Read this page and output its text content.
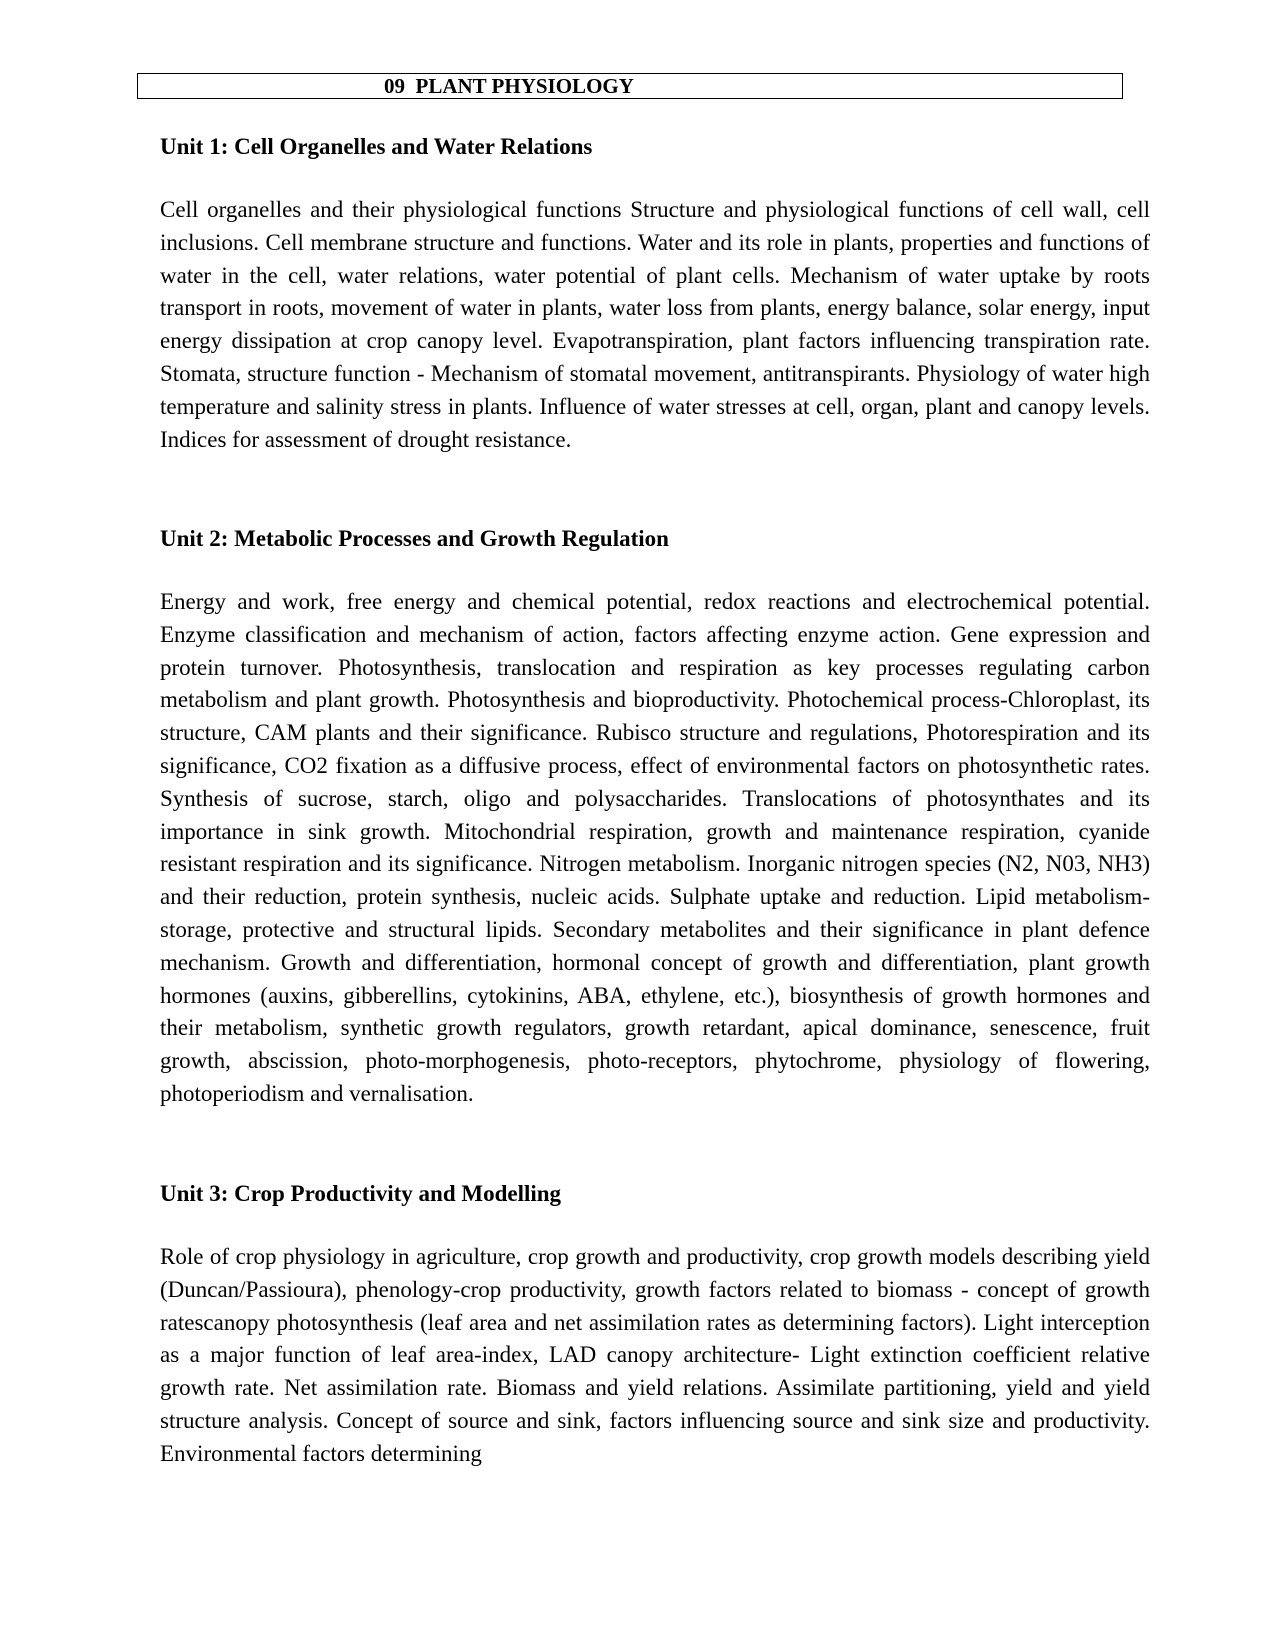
09  PLANT PHYSIOLOGY
Unit 1: Cell Organelles and Water Relations

Cell organelles and their physiological functions Structure and physiological functions of cell wall, cell inclusions. Cell membrane structure and functions. Water and its role in plants, properties and functions of water in the cell, water relations, water potential of plant cells. Mechanism of water uptake by roots transport in roots, movement of water in plants, water loss from plants, energy balance, solar energy, input energy dissipation at crop canopy level. Evapotranspiration, plant factors influencing transpiration rate. Stomata, structure function - Mechanism of stomatal movement, antitranspirants. Physiology of water high temperature and salinity stress in plants. Influence of water stresses at cell, organ, plant and canopy levels. Indices for assessment of drought resistance.

Unit 2: Metabolic Processes and Growth Regulation

Energy and work, free energy and chemical potential, redox reactions and electrochemical potential. Enzyme classification and mechanism of action, factors affecting enzyme action. Gene expression and protein turnover. Photosynthesis, translocation and respiration as key processes regulating carbon metabolism and plant growth. Photosynthesis and bioproductivity. Photochemical process-Chloroplast, its structure, CAM plants and their significance. Rubisco structure and regulations, Photorespiration and its significance, CO2 fixation as a diffusive process, effect of environmental factors on photosynthetic rates. Synthesis of sucrose, starch, oligo and polysaccharides. Translocations of photosynthates and its importance in sink growth. Mitochondrial respiration, growth and maintenance respiration, cyanide resistant respiration and its significance. Nitrogen metabolism. Inorganic nitrogen species (N2, N03, NH3) and their reduction, protein synthesis, nucleic acids. Sulphate uptake and reduction. Lipid metabolism-storage, protective and structural lipids. Secondary metabolites and their significance in plant defence mechanism. Growth and differentiation, hormonal concept of growth and differentiation, plant growth hormones (auxins, gibberellins, cytokinins, ABA, ethylene, etc.), biosynthesis of growth hormones and their metabolism, synthetic growth regulators, growth retardant, apical dominance, senescence, fruit growth, abscission, photo-morphogenesis, photo-receptors, phytochrome, physiology of flowering, photoperiodism and vernalisation.

Unit 3: Crop Productivity and Modelling

Role of crop physiology in agriculture, crop growth and productivity, crop growth models describing yield (Duncan/Passioura), phenology-crop productivity, growth factors related to biomass - concept of growth ratescanopy photosynthesis (leaf area and net assimilation rates as determining factors). Light interception as a major function of leaf area-index, LAD canopy architecture- Light extinction coefficient relative growth rate. Net assimilation rate. Biomass and yield relations. Assimilate partitioning, yield and yield structure analysis. Concept of source and sink, factors influencing source and sink size and productivity. Environmental factors determining
